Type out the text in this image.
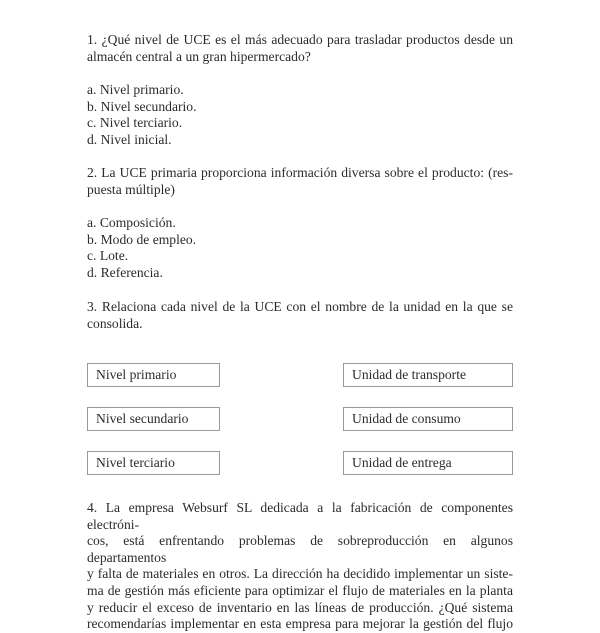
1. ¿Qué nivel de UCE es el más adecuado para trasladar productos desde un
almacén central a un gran hipermercado?
a. Nivel primario.
b. Nivel secundario.
c. Nivel terciario.
d. Nivel inicial.
2. La UCE primaria proporciona información diversa sobre el producto: (res-
puesta múltiple)
a. Composición.
b. Modo de empleo.
c. Lote.
d. Referencia.
3. Relaciona cada nivel de la UCE con el nombre de la unidad en la que se
consolida.
Nivel primario	Unidad de transporte
Nivel secundario	Unidad de consumo
Nivel terciario	Unidad de entrega
4. La empresa Websurf SL dedicada a la fabricación de componentes electróni-
cos, está enfrentando problemas de sobreproducción en algunos departamentos
y falta de materiales en otros. La dirección ha decidido implementar un siste-
ma de gestión más eficiente para optimizar el flujo de materiales en la planta
y reducir el exceso de inventario en las líneas de producción. ¿Qué sistema
recomendarías implementar en esta empresa para mejorar la gestión del flujo
